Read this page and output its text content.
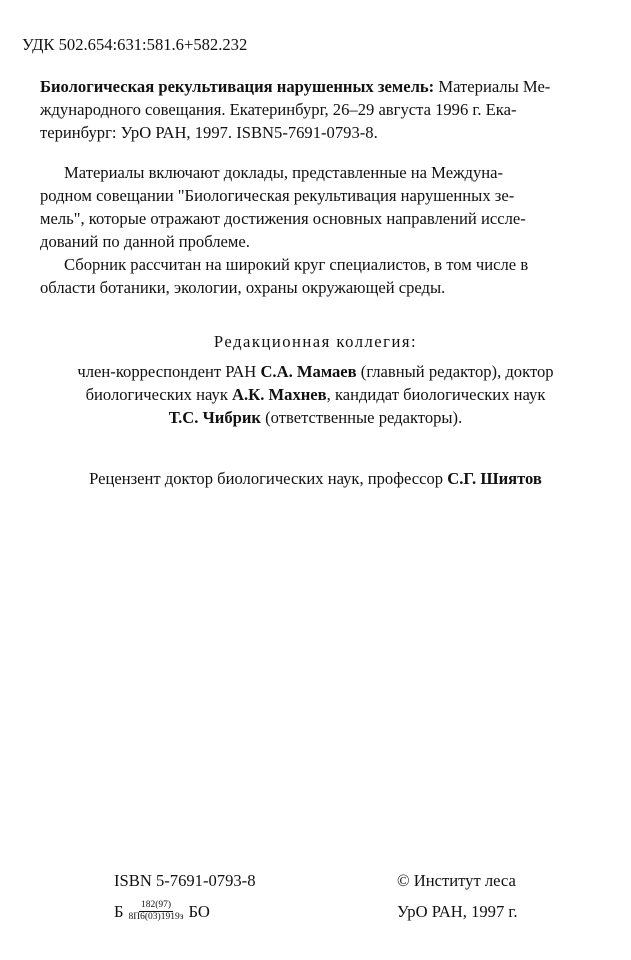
УДК 502.654:631:581.6+582.232
Биологическая рекультивация нарушенных земель: Материалы Ме-
ждународного совещания. Екатеринбург, 26–29 августа 1996 г. Ека-
теринбург: УрО РАН, 1997. ISBN5-7691-0793-8.
Материалы включают доклады, представленные на Междуна-
родном совещании "Биологическая рекультивация нарушенных зе-
мель", которые отражают достижения основных направлений иссле-
дований по данной проблеме.
Сборник рассчитан на широкий круг специалистов, в том числе в
области ботаники, экологии, охраны окружающей среды.
Редакционная коллегия:
член-корреспондент РАН С.А. Мамаев (главный редактор), доктор
биологических наук А.К. Махнев, кандидат биологических наук
Т.С. Чибрик (ответственные редакторы).
Рецензент доктор биологических наук, профессор С.Г. Шиятов
ISBN 5-7691-0793-8	© Институт леса
Б $\frac{182(97)}{8П6(03)1919з}$ БО	УрО РАН, 1997 г.
